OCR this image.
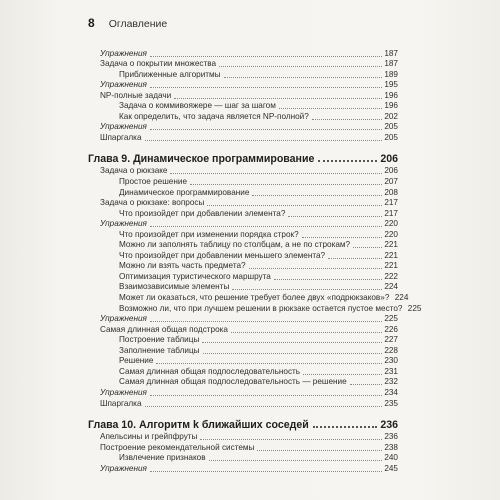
8 Оглавление
Упражнения	187
Задача о покрытии множества	187
Приближенные алгоритмы	189
Упражнения	195
NP-полные задачи	196
Задача о коммивояжере — шаг за шагом	196
Как определить, что задача является NP-полной?	202
Упражнения	205
Шпаргалка	205
Глава 9. Динамическое программирование	206
Задача о рюкзаке	206
Простое решение	207
Динамическое программирование	208
Задача о рюкзаке: вопросы	217
Что произойдет при добавлении элемента?	217
Упражнения	220
Что произойдет при изменении порядка строк?	220
Можно ли заполнять таблицу по столбцам, а не по строкам?	221
Что произойдет при добавлении меньшего элемента?	221
Можно ли взять часть предмета?	221
Оптимизация туристического маршрута	222
Взаимозависимые элементы	224
Может ли оказаться, что решение требует более двух «подрюкзаков»? 224
Возможно ли, что при лучшем решении в рюкзаке остается пустое место? 225
Упражнения	225
Самая длинная общая подстрока	226
Построение таблицы	227
Заполнение таблицы	228
Решение	230
Самая длинная общая подпоследовательность	231
Самая длинная общая подпоследовательность — решение	232
Упражнения	234
Шпаргалка	235
Глава 10. Алгоритм k ближайших соседей	236
Апельсины и грейпфруты	236
Построение рекомендательной системы	238
Извлечение признаков	240
Упражнения	245
